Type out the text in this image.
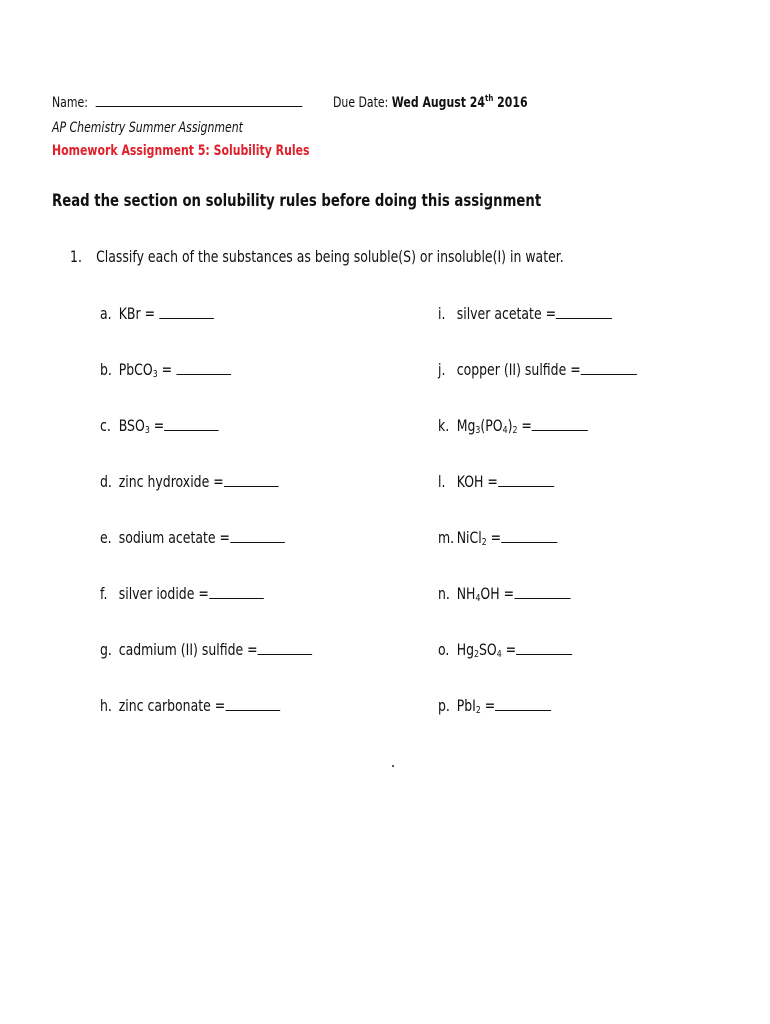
Name:	Due Date: Wed August 24th 2016
AP Chemistry Summer Assignment
Homework Assignment 5: Solubility Rules
Read the section on solubility rules before doing this assignment
1. Classify each of the substances as being soluble(S) or insoluble(I) in water.
a. KBr =
b. PbCO$_3$ =
c. $BSO_3$ =
d. zinc hydroxide =
e. sodium acetate =
f. silver iodide =
g. cadmium (II) sulfide =
h. zinc carbonate =
i. silver acetate =
j. copper (II) sulfide =
k. $Mg_3(PO_4)_2$ =
l. KOH =
m. NiCl$_2$ =
n. $NH_4OH$ =
o. $Hg_2SO_4$ =
p. PbI$_2$ =
